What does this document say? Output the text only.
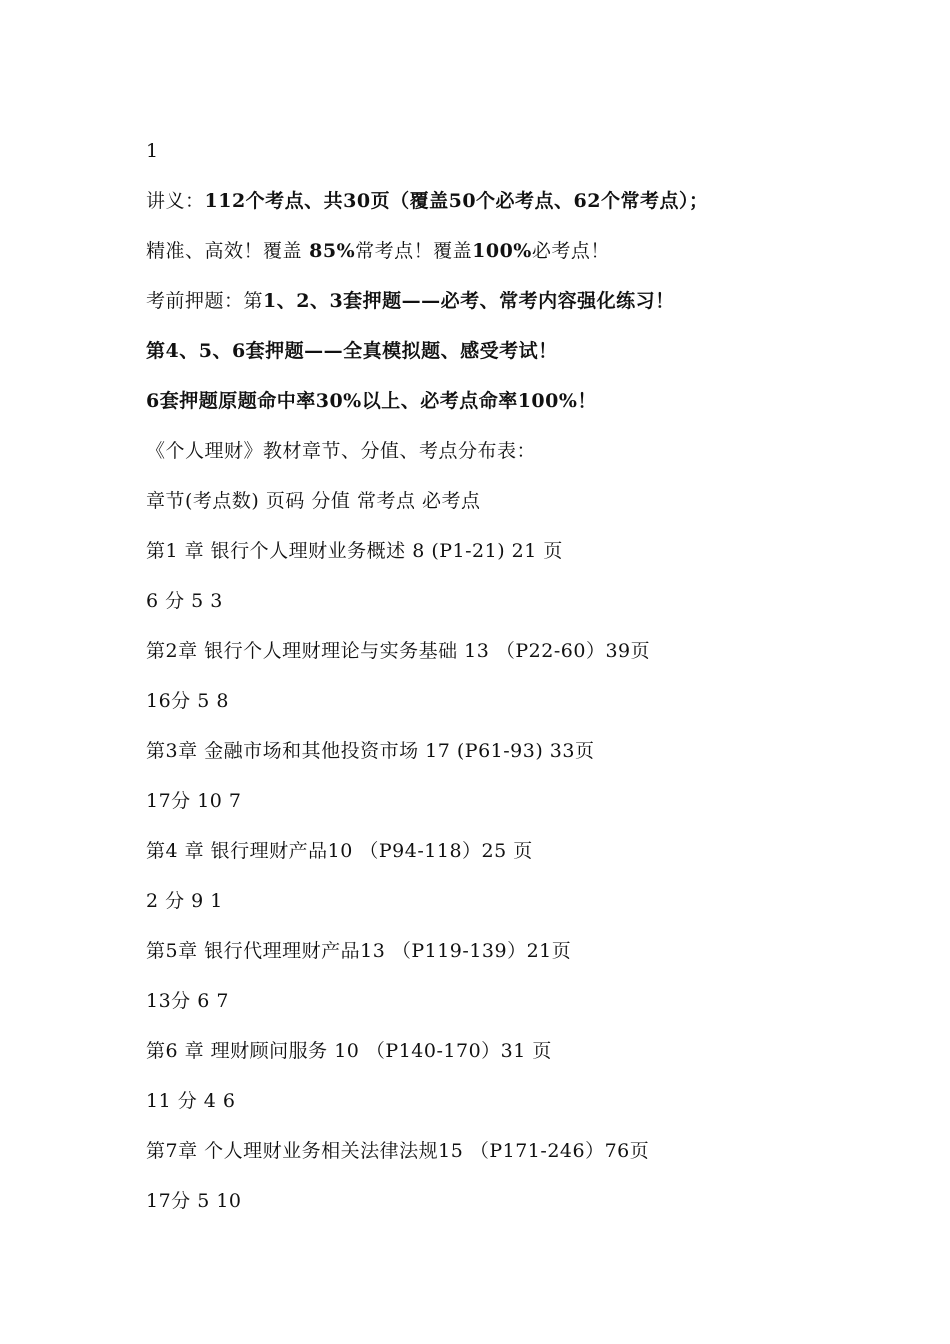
1
讲义：112个考点、共30页（覆盖50个必考点、62个常考点）；
精准、高效！覆盖 85%常考点！覆盖100%必考点！
考前押题：第1、2、3套押题——必考、常考内容强化练习！
第4、5、6套押题——全真模拟题、感受考试！
6套押题原题命中率30%以上、必考点命率100%！
《个人理财》教材章节、分值、考点分布表：
章节(考点数) 页码 分值 常考点 必考点
第1 章 银行个人理财业务概述 8 (P1-21) 21 页
6 分 5 3
第2章 银行个人理财理论与实务基础 13 （P22-60）39页
16分 5 8
第3章 金融市场和其他投资市场 17 (P61-93) 33页
17分 10 7
第4 章 银行理财产品10 （P94-118）25 页
2 分 9 1
第5章 银行代理理财产品13 （P119-139）21页
13分 6 7
第6 章 理财顾问服务 10 （P140-170）31 页
11 分 4 6
第7章 个人理财业务相关法律法规15 （P171-246）76页
17分 5 10
